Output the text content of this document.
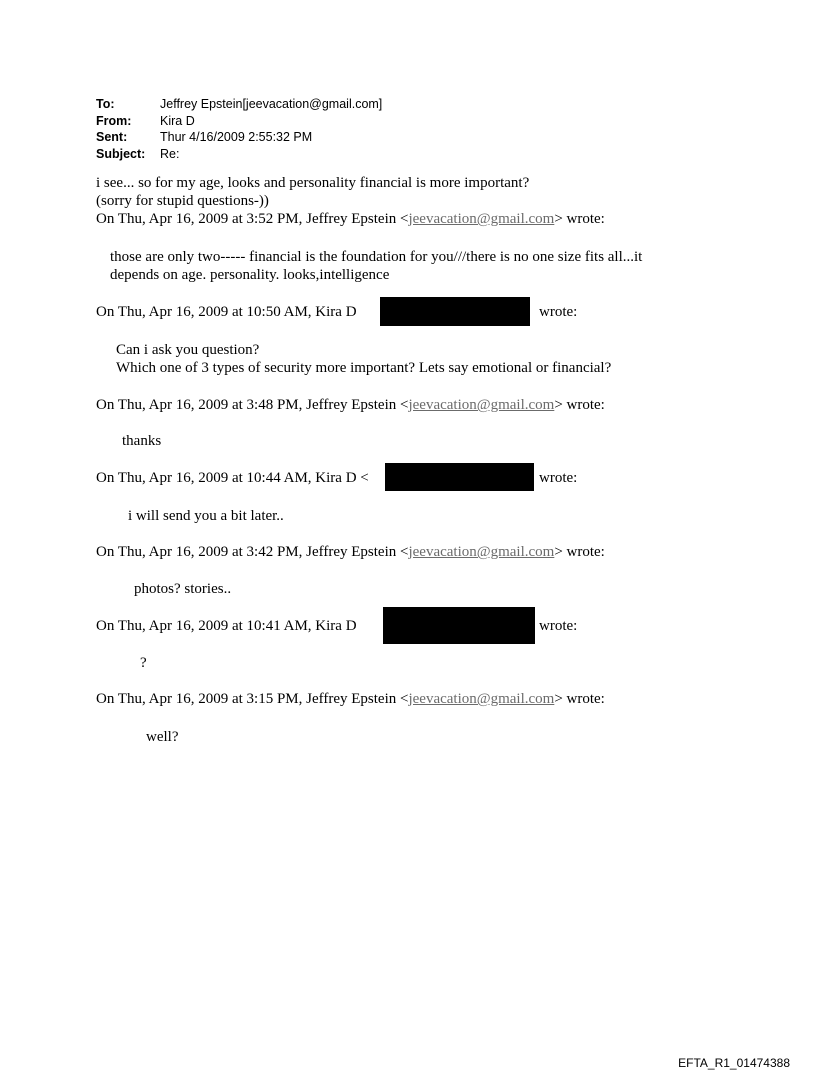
To:	Jeffrey Epstein[jeevacation@gmail.com]
From:	Kira D
Sent:	Thur 4/16/2009 2:55:32 PM
Subject:	Re:
i see... so for my age, looks and personality financial is more important?
(sorry for stupid questions-))
On Thu, Apr 16, 2009 at 3:52 PM, Jeffrey Epstein <jeevacation@gmail.com> wrote:
those are only two----- financial is the foundation for you///there is no one size fits all...it
depends on age. personality. looks,intelligence
On Thu, Apr 16, 2009 at 10:50 AM, Kira D	wrote:
Can i ask you question?
Which one of 3 types of security more important? Lets say emotional or financial?
On Thu, Apr 16, 2009 at 3:48 PM, Jeffrey Epstein <jeevacation@gmail.com> wrote:
thanks
On Thu, Apr 16, 2009 at 10:44 AM, Kira D <	wrote:
i will send you a bit later..
On Thu, Apr 16, 2009 at 3:42 PM, Jeffrey Epstein <jeevacation@gmail.com> wrote:
photos? stories..
On Thu, Apr 16, 2009 at 10:41 AM, Kira D	wrote:
?
On Thu, Apr 16, 2009 at 3:15 PM, Jeffrey Epstein <jeevacation@gmail.com> wrote:
well?
EFTA_R1_01474388
